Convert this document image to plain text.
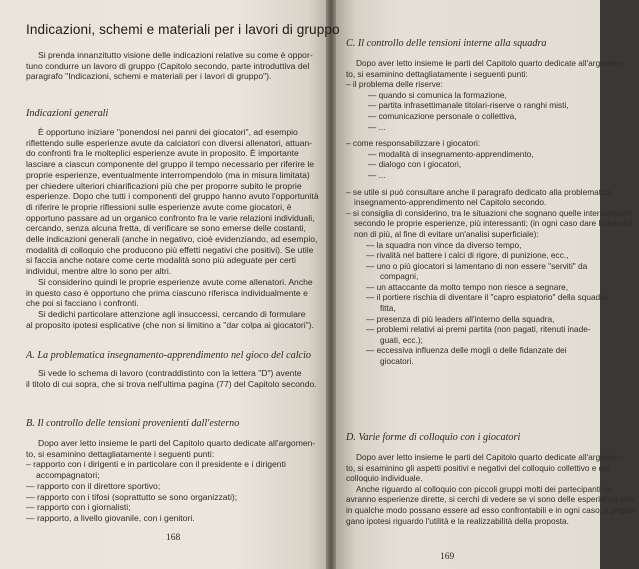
Indicazioni, schemi e materiali per i lavori di gruppo
Si prenda innanzitutto visione delle indicazioni relative su come è oppor-
tuno condurre un lavoro di gruppo (Capitolo secondo, parte introduttiva del
paragrafo "Indicazioni, schemi e materiali per i lavori di gruppo").
Indicazioni generali
È opportuno iniziare "ponendosi nei panni dei giocatori", ad esempio
riflettendo sulle esperienze avute da calciatori con diversi allenatori, attuan-
do confronti fra le molteplici esperienze avute in proposito. È importante
lasciare a ciascun componente del gruppo il tempo necessario per riferire le
proprie esperienze, eventualmente interrompendolo (ma in misura limitata)
per chiedere ulteriori chiarificazioni più che per proporre subito le proprie
esperienze. Dopo che tutti i componenti del gruppo hanno avuto l'opportunità
di riferire le proprie riflessioni sulle esperienze avute come giocatori, è
opportuno passare ad un organico confronto fra le varie relazioni individuali,
cercando, senza alcuna fretta, di verificare se sono emerse delle costanti,
delle indicazioni generali (anche in negativo, cioè evidenziando, ad esempio,
modalità di colloquio che producono più effetti negativi che positivi). Se utile
si faccia anche notare come certe modalità sono più adeguate per certi
individui, mentre altre lo sono per altri.
Si considerino quindi le proprie esperienze avute come allenatori. Anche
in questo caso è opportuno che prima ciascuno riferisca individualmente e
che poi si facciano i confronti.
Si dedichi particolare attenzione agli insuccessi, cercando di formulare
al proposito ipotesi esplicative (che non si limitino a "dar colpa ai giocatori").
A. La problematica insegnamento-apprendimento nel gioco del calcio
Si vede lo schema di lavoro (contraddistinto con la lettera "D") avente
il titolo di cui sopra, che si trova nell'ultima pagina (77) del Capitolo secondo.
B. Il controllo delle tensioni provenienti dall'esterno
Dopo aver letto insieme le parti del Capitolo quarto dedicate all'argomen-
to, si esaminino dettagliatamente i seguenti punti:
– rapporto con i dirigenti e in particolare con il presidente e i dirigenti
accompagnatori;
— rapporto con il direttore sportivo;
— rapporto con i tifosi (soprattutto se sono organizzati);
— rapporto con i giornalisti;
— rapporto, a livello giovanile, con i genitori.
168
C. Il controllo delle tensioni interne alla squadra
Dopo aver letto insieme le parti del Capitolo quarto dedicate all'argomen-
to, si esaminino dettagliatamente i seguenti punti:
– il problema delle riserve:
— quando si comunica la formazione,
— partita infrasettimanale titolari-riserve o ranghi misti,
— comunicazione personale o collettiva,
— ...
– come responsabilizzare i giocatori:
— modalità di insegnamento-apprendimento,
— dialogo con i giocatori,
— ...
– se utile si può consultare anche il paragrafo dedicato alla problematica
insegnamento-apprendimento nel Capitolo secondo.
– si consiglia di considerino, tra le situazioni che sognano quelle interrompenti
secondo le proprie esperienze, più interessanti; (in ogni caso dare la priorità
non di più, al fine di evitare un'analisi superficiale):
— la squadra non vince da diverso tempo,
— rivalità nel battere i calci di rigore, di punizione, ecc.,
— uno o più giocatori si lamentano di non essere "serviti" da
compagni,
— un attaccante da molto tempo non riesce a segnare,
— il portiere rischia di diventare il "capro espiatorio" della squadra
fitta,
— presenza di più leaders all'interno della squadra,
— problemi relativi ai premi partita (non pagati, ritenuti inade-
guati, ecc.);
— eccessiva influenza delle mogli o delle fidanzate dei
giocatori.
D. Varie forme di colloquio con i giocatori
Dopo aver letto insieme le parti del Capitolo quarto dedicate all'argomen-
to, si esaminino gli aspetti positivi e negativi del colloquio collettivo e del
colloquio individuale.
Anche riguardo al colloquio con piccoli gruppi molti dei partecipanti no
avranno esperienze dirette, si cerchi di vedere se vi sono delle esperienze che
in qualche modo possano essere ad esso confrontabili e in ogni caso si propon-
gano ipotesi riguardo l'utilità e la realizzabilità della proposta.
169
